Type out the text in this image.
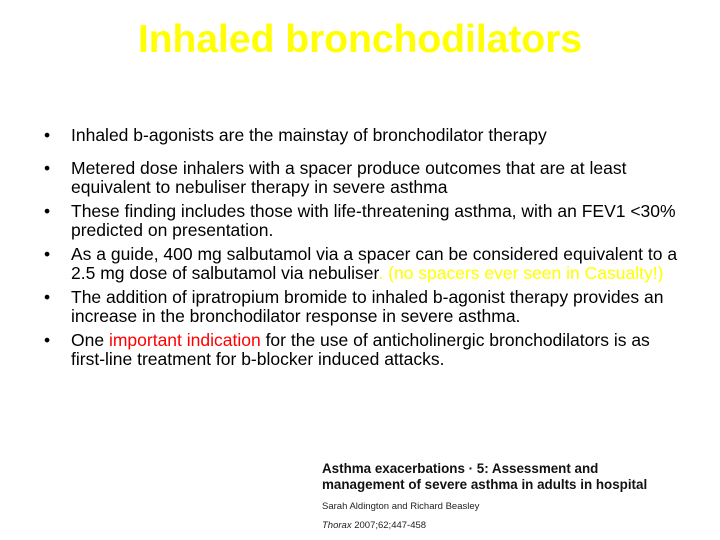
Inhaled bronchodilators
• Inhaled b-agonists are the mainstay of bronchodilator therapy
• Metered dose inhalers with a spacer produce outcomes that are at least equivalent to nebuliser therapy in severe asthma
• These finding includes those with life-threatening asthma, with an FEV1 <30% predicted on presentation.
• As a guide, 400 mg salbutamol via a spacer can be considered equivalent to a 2.5 mg dose of salbutamol via nebuliser. (no spacers ever seen in Casualty!)
• The addition of ipratropium bromide to inhaled b-agonist therapy provides an increase in the bronchodilator response in severe asthma.
• One important indication for the use of anticholinergic bronchodilators is as first-line treatment for b-blocker induced attacks.
Asthma exacerbations · 5: Assessment and
management of severe asthma in adults in hospital
Sarah Aldington and Richard Beasley
Thorax 2007;62;447-458
